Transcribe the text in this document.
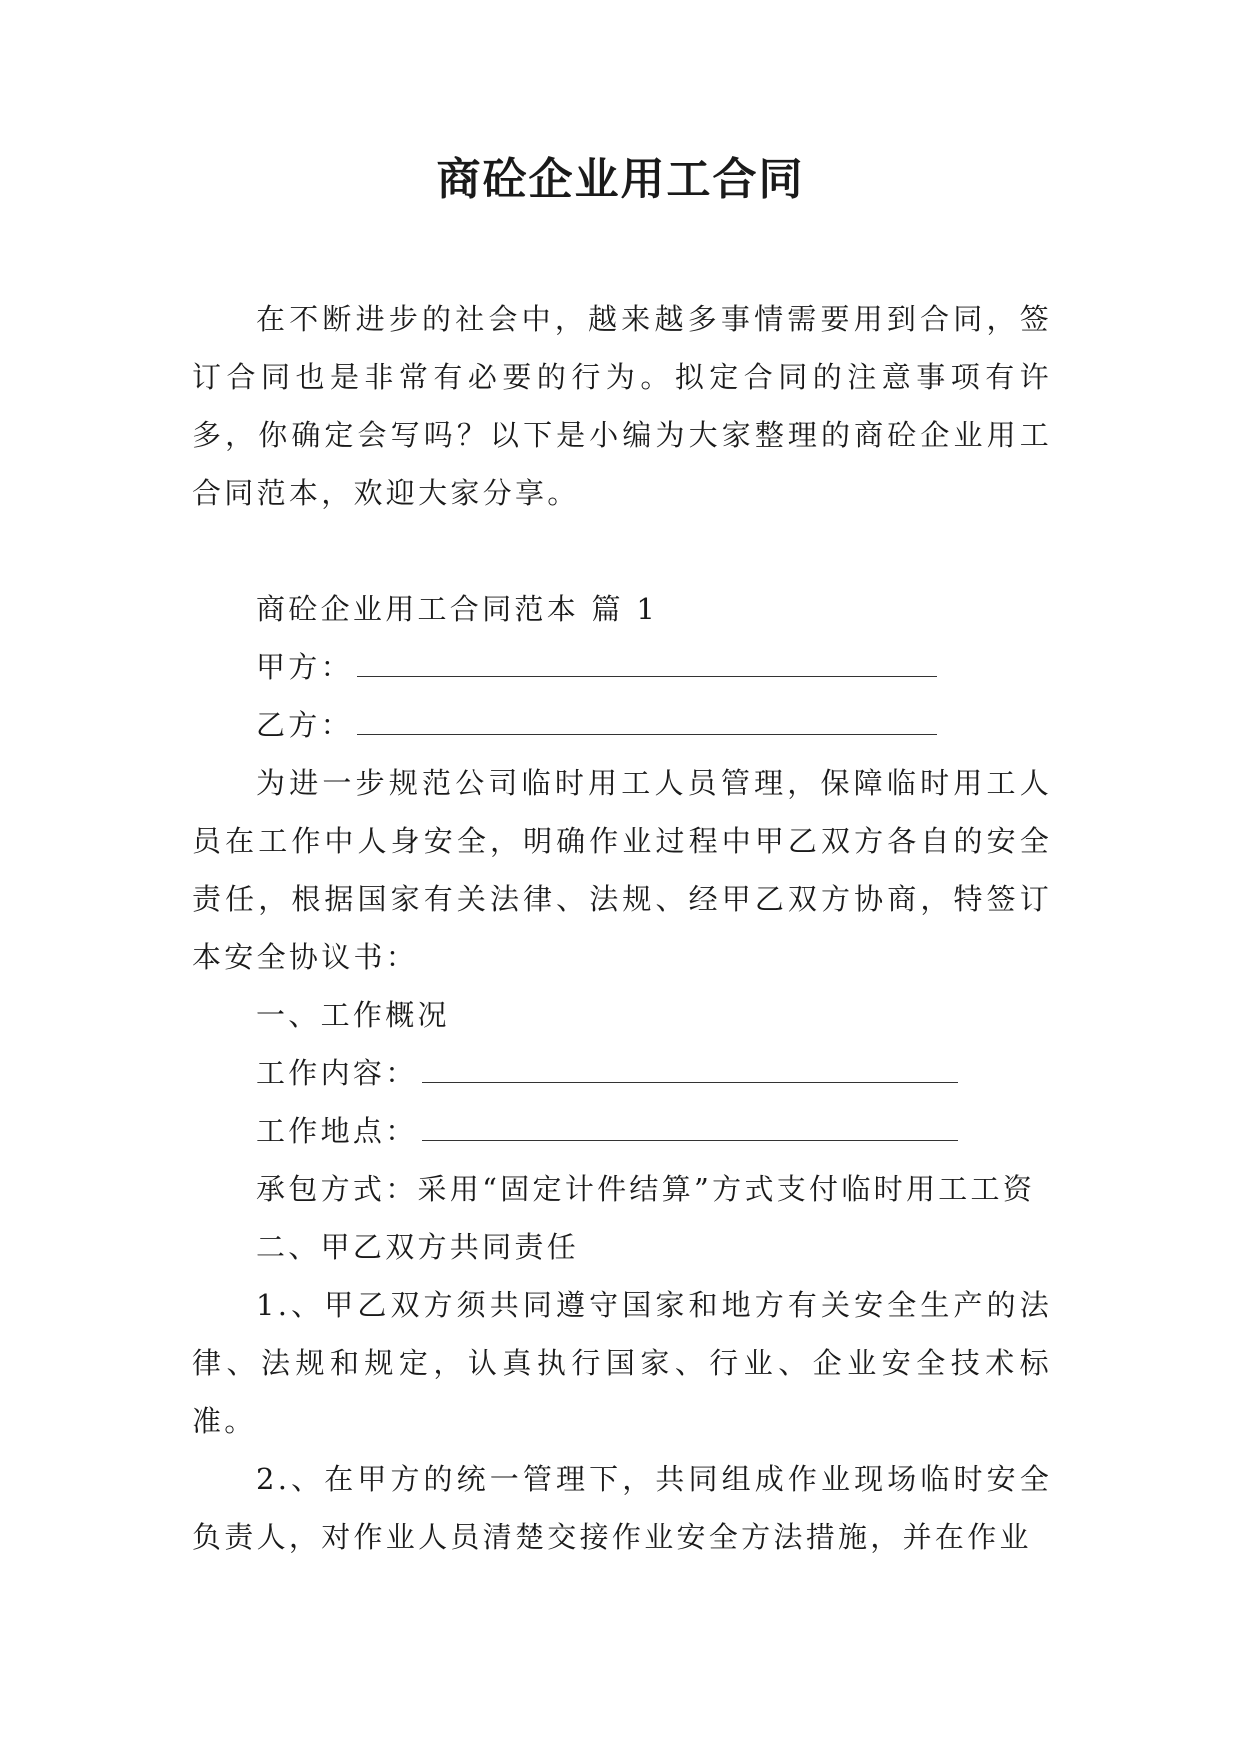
商砼企业用工合同

在不断进步的社会中，越来越多事情需要用到合同，签订合同也是非常有必要的行为。拟定合同的注意事项有许多，你确定会写吗？以下是小编为大家整理的商砼企业用工合同范本，欢迎大家分享。

商砼企业用工合同范本 篇 1

甲方：

乙方：

为进一步规范公司临时用工人员管理，保障临时用工人员在工作中人身安全，明确作业过程中甲乙双方各自的安全责任，根据国家有关法律、法规、经甲乙双方协商，特签订本安全协议书：

一、工作概况

工作内容：

工作地点：

承包方式：采用“固定计件结算”方式支付临时用工工资

二、甲乙双方共同责任

1.、甲乙双方须共同遵守国家和地方有关安全生产的法律、法规和规定，认真执行国家、行业、企业安全技术标准。

2.、在甲方的统一管理下，共同组成作业现场临时安全负责人，对作业人员清楚交接作业安全方法措施，并在作业
